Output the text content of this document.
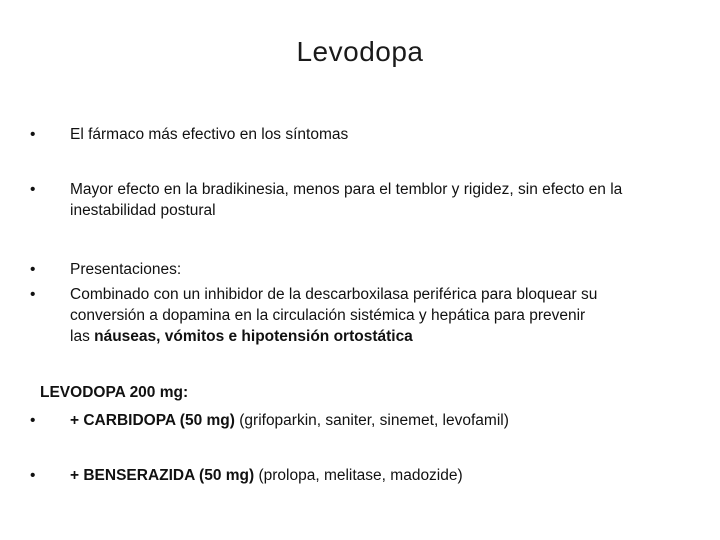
Levodopa
•	El fármaco más efectivo en los síntomas
•	Mayor efecto en la bradikinesia, menos para el temblor y rigidez, sin efecto en la inestabilidad postural
•	Presentaciones:
•	Combinado con un inhibidor de la descarboxilasa periférica para bloquear su
conversión a dopamina en la circulación sistémica y hepática para prevenir
las náuseas, vómitos e hipotensión ortostática
LEVODOPA 200 mg:
•	+ CARBIDOPA (50 mg) (grifoparkin, saniter, sinemet, levofamil)
•	+ BENSERAZIDA (50 mg) (prolopa, melitase, madozide)
